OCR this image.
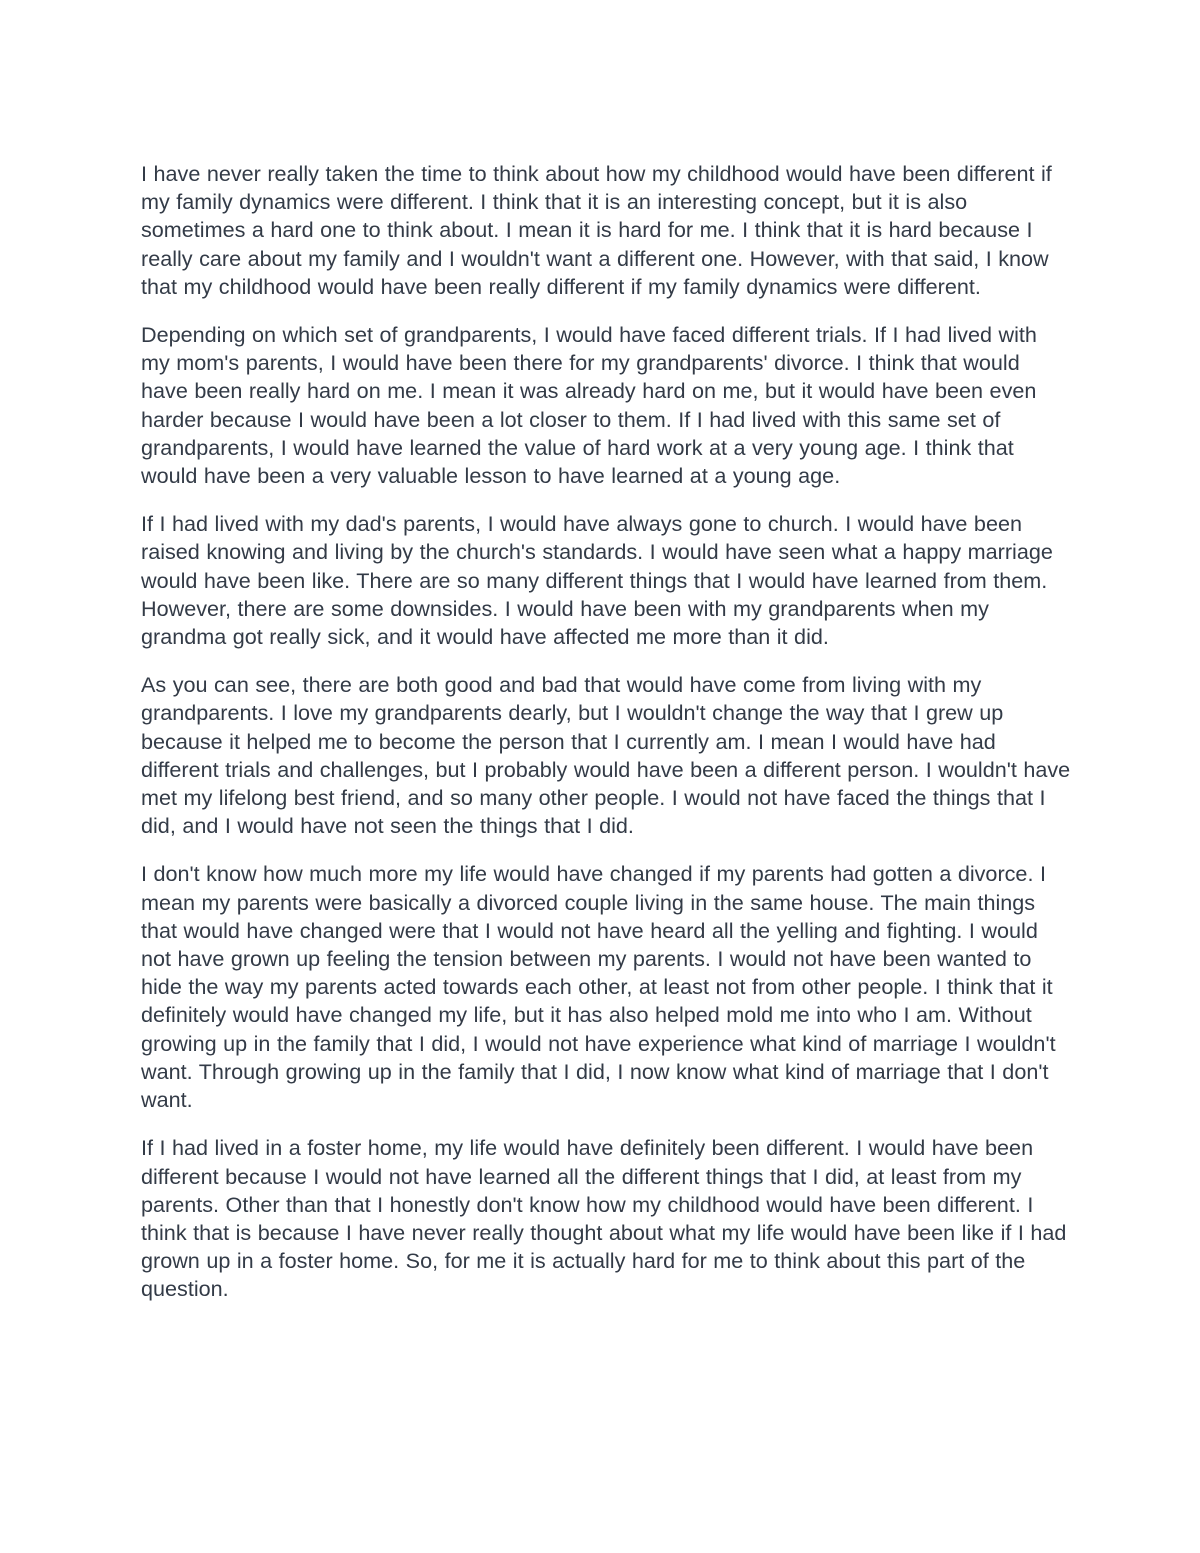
I have never really taken the time to think about how my childhood would have been different if my family dynamics were different. I think that it is an interesting concept, but it is also sometimes a hard one to think about. I mean it is hard for me. I think that it is hard because I really care about my family and I wouldn't want a different one. However, with that said, I know that my childhood would have been really different if my family dynamics were different.

Depending on which set of grandparents, I would have faced different trials. If I had lived with my mom's parents, I would have been there for my grandparents' divorce. I think that would have been really hard on me. I mean it was already hard on me, but it would have been even harder because I would have been a lot closer to them. If I had lived with this same set of grandparents, I would have learned the value of hard work at a very young age. I think that would have been a very valuable lesson to have learned at a young age.

If I had lived with my dad's parents, I would have always gone to church. I would have been raised knowing and living by the church's standards. I would have seen what a happy marriage would have been like. There are so many different things that I would have learned from them. However, there are some downsides. I would have been with my grandparents when my grandma got really sick, and it would have affected me more than it did.

As you can see, there are both good and bad that would have come from living with my grandparents. I love my grandparents dearly, but I wouldn't change the way that I grew up because it helped me to become the person that I currently am. I mean I would have had different trials and challenges, but I probably would have been a different person. I wouldn't have met my lifelong best friend, and so many other people. I would not have faced the things that I did, and I would have not seen the things that I did.

I don't know how much more my life would have changed if my parents had gotten a divorce. I mean my parents were basically a divorced couple living in the same house. The main things that would have changed were that I would not have heard all the yelling and fighting. I would not have grown up feeling the tension between my parents. I would not have been wanted to hide the way my parents acted towards each other, at least not from other people. I think that it definitely would have changed my life, but it has also helped mold me into who I am. Without growing up in the family that I did, I would not have experience what kind of marriage I wouldn't want. Through growing up in the family that I did, I now know what kind of marriage that I don't want.

If I had lived in a foster home, my life would have definitely been different. I would have been different because I would not have learned all the different things that I did, at least from my parents. Other than that I honestly don't know how my childhood would have been different. I think that is because I have never really thought about what my life would have been like if I had grown up in a foster home. So, for me it is actually hard for me to think about this part of the question.
